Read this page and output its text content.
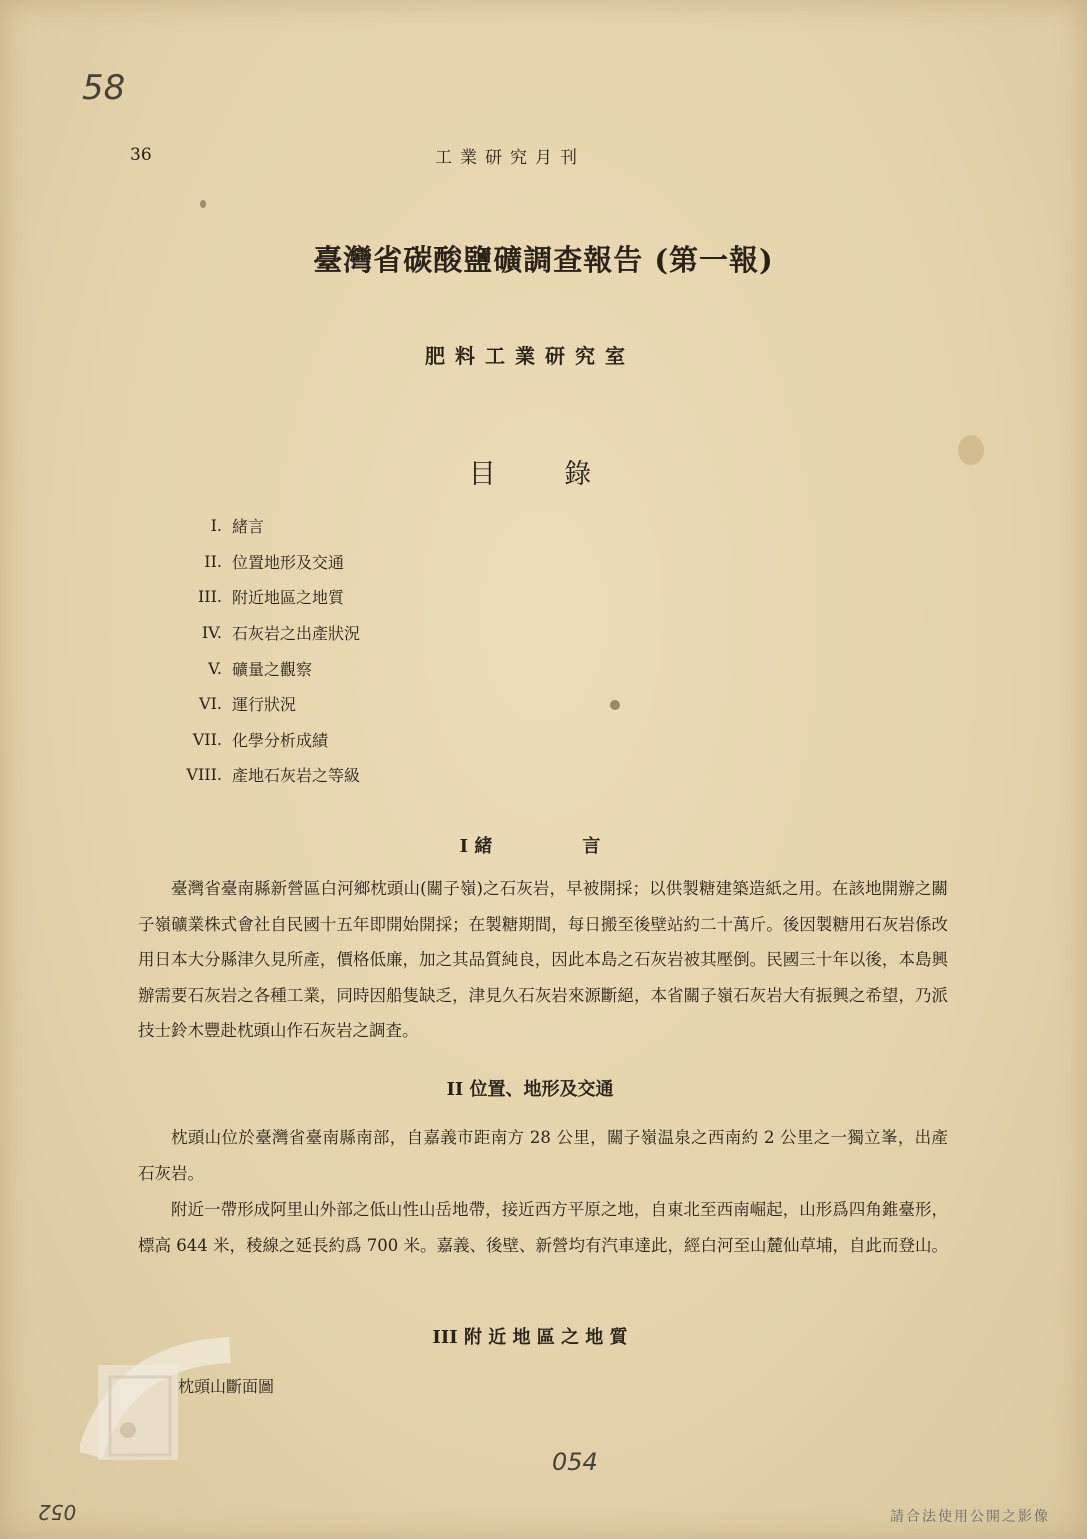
58
36	工業研究月刊
臺灣省碳酸鹽礦調查報告 (第一報)
肥料工業研究室
目 錄
I. 緒言
II. 位置地形及交通
III. 附近地區之地質
IV. 石灰岩之出產狀況
V. 礦量之觀察
VI. 運行狀況
VII. 化學分析成績
VIII. 產地石灰岩之等級
I 緒　　　　　言
臺灣省臺南縣新營區白河鄉枕頭山(關子嶺)之石灰岩，早被開採；以供製糖建築造紙之用。在該地開辦之關子嶺礦業株式會社自民國十五年即開始開採；在製糖期間，每日搬至後壁站約二十萬斤。後因製糖用石灰岩係改用日本大分縣津久見所產，價格低廉，加之其品質純良，因此本島之石灰岩被其壓倒。民國三十年以後，本島興辦需要石灰岩之各種工業，同時因船隻缺乏，津見久石灰岩來源斷絕，本省關子嶺石灰岩大有振興之希望，乃派技士鈴木豐赴枕頭山作石灰岩之調査。
II 位置、地形及交通
枕頭山位於臺灣省臺南縣南部，自嘉義市距南方 28 公里，關子嶺温泉之西南約 2 公里之一獨立峯，出產石灰岩。
附近一帶形成阿里山外部之低山性山岳地帶，接近西方平原之地，自東北至西南崛起，山形爲四角錐臺形，標高 644 米，稜線之延長約爲 700 米。嘉義、後壁、新營均有汽車達此，經白河至山麓仙草埔，自此而登山。
III 附 近 地 區 之 地 質
枕頭山斷面圖
054
052	請合法使用公開之影像
